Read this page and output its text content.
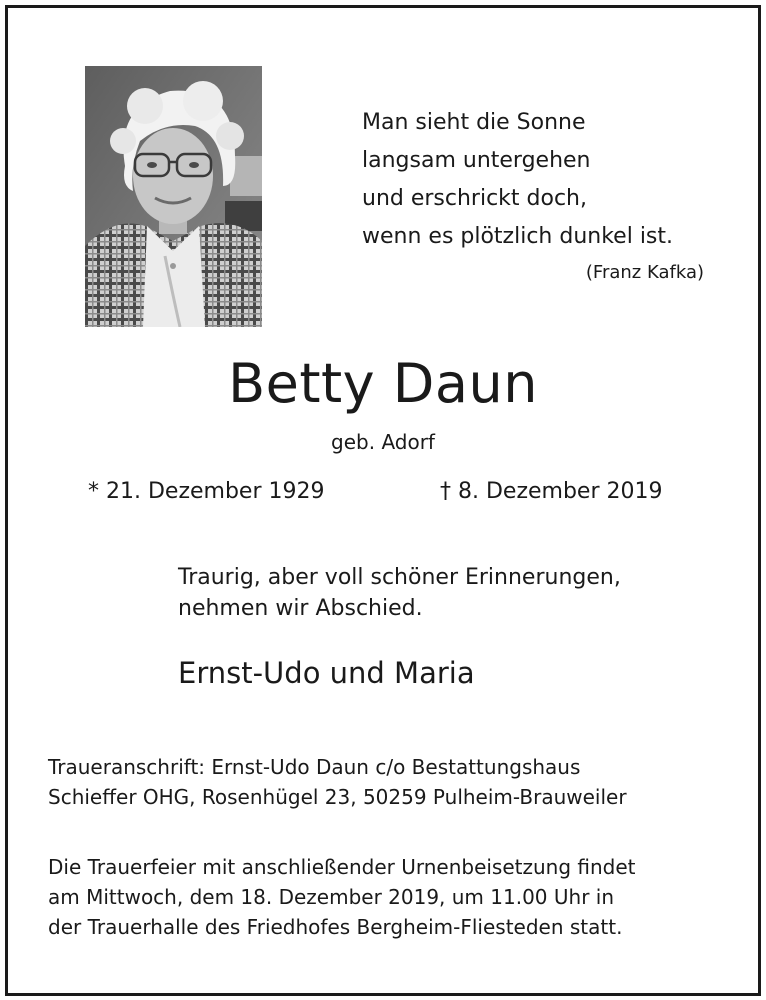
Man sieht die Sonne
langsam untergehen
und erschrickt doch,
wenn es plötzlich dunkel ist.
(Franz Kafka)
Betty Daun
geb. Adorf
* 21. Dezember 1929	† 8. Dezember 2019
Traurig, aber voll schöner Erinnerungen,
nehmen wir Abschied.
Ernst-Udo und Maria
Traueranschrift: Ernst-Udo Daun c/o Bestattungshaus
Schieffer OHG, Rosenhügel 23, 50259 Pulheim-Brauweiler
Die Trauerfeier mit anschließender Urnenbeisetzung findet
am Mittwoch, dem 18. Dezember 2019, um 11.00 Uhr in
der Trauerhalle des Friedhofes Bergheim-Fliesteden statt.
